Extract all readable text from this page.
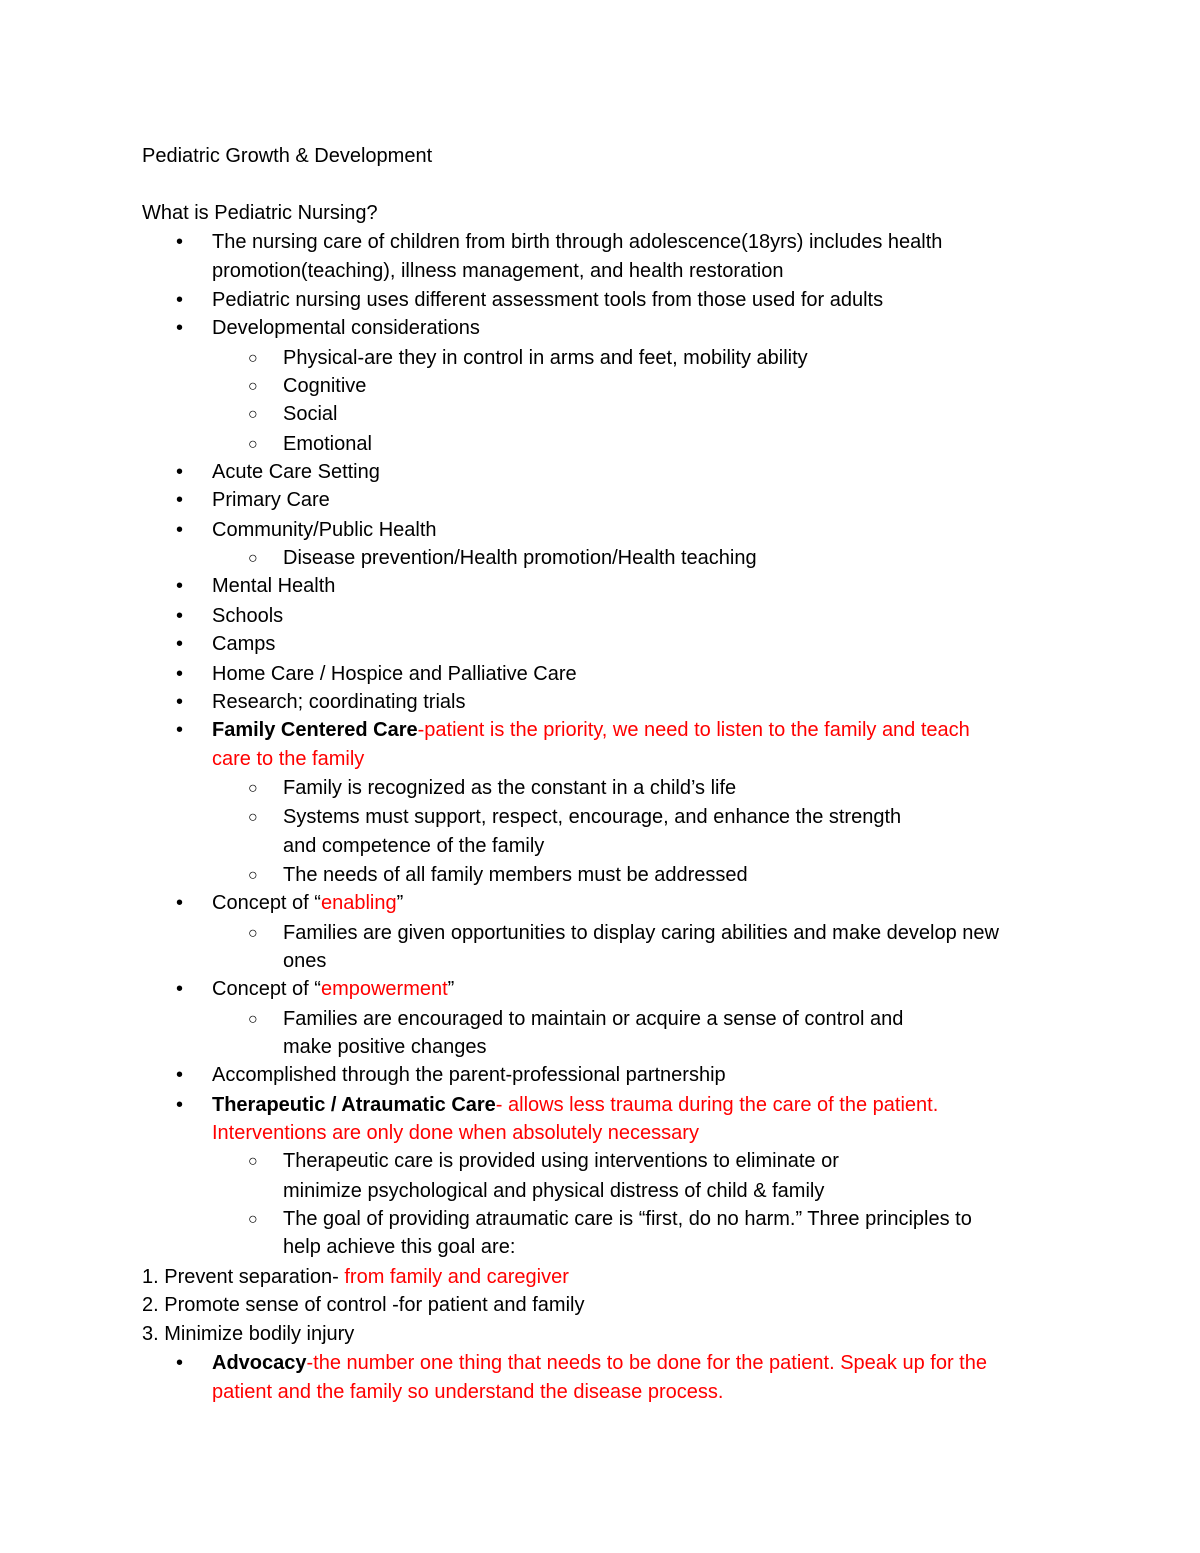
Pediatric Growth & Development
What is Pediatric Nursing?
• The nursing care of children from birth through adolescence(18yrs) includes health
promotion(teaching), illness management, and health restoration
• Pediatric nursing uses different assessment tools from those used for adults
• Developmental considerations
○ Physical-are they in control in arms and feet, mobility ability
○ Cognitive
○ Social
○ Emotional
• Acute Care Setting
• Primary Care
• Community/Public Health
○ Disease prevention/Health promotion/Health teaching
• Mental Health
• Schools
• Camps
• Home Care / Hospice and Palliative Care
• Research; coordinating trials
• Family Centered Care-patient is the priority, we need to listen to the family and teach
care to the family
○ Family is recognized as the constant in a child’s life
○ Systems must support, respect, encourage, and enhance the strength
and competence of the family
○ The needs of all family members must be addressed
• Concept of “enabling”
○ Families are given opportunities to display caring abilities and make develop new
ones
• Concept of “empowerment”
○ Families are encouraged to maintain or acquire a sense of control and
make positive changes
• Accomplished through the parent-professional partnership
• Therapeutic / Atraumatic Care- allows less trauma during the care of the patient.
Interventions are only done when absolutely necessary
○ Therapeutic care is provided using interventions to eliminate or
minimize psychological and physical distress of child & family
○ The goal of providing atraumatic care is “first, do no harm.” Three principles to
help achieve this goal are:
1. Prevent separation- from family and caregiver
2. Promote sense of control -for patient and family
3. Minimize bodily injury
• Advocacy-the number one thing that needs to be done for the patient. Speak up for the
patient and the family so understand the disease process.
